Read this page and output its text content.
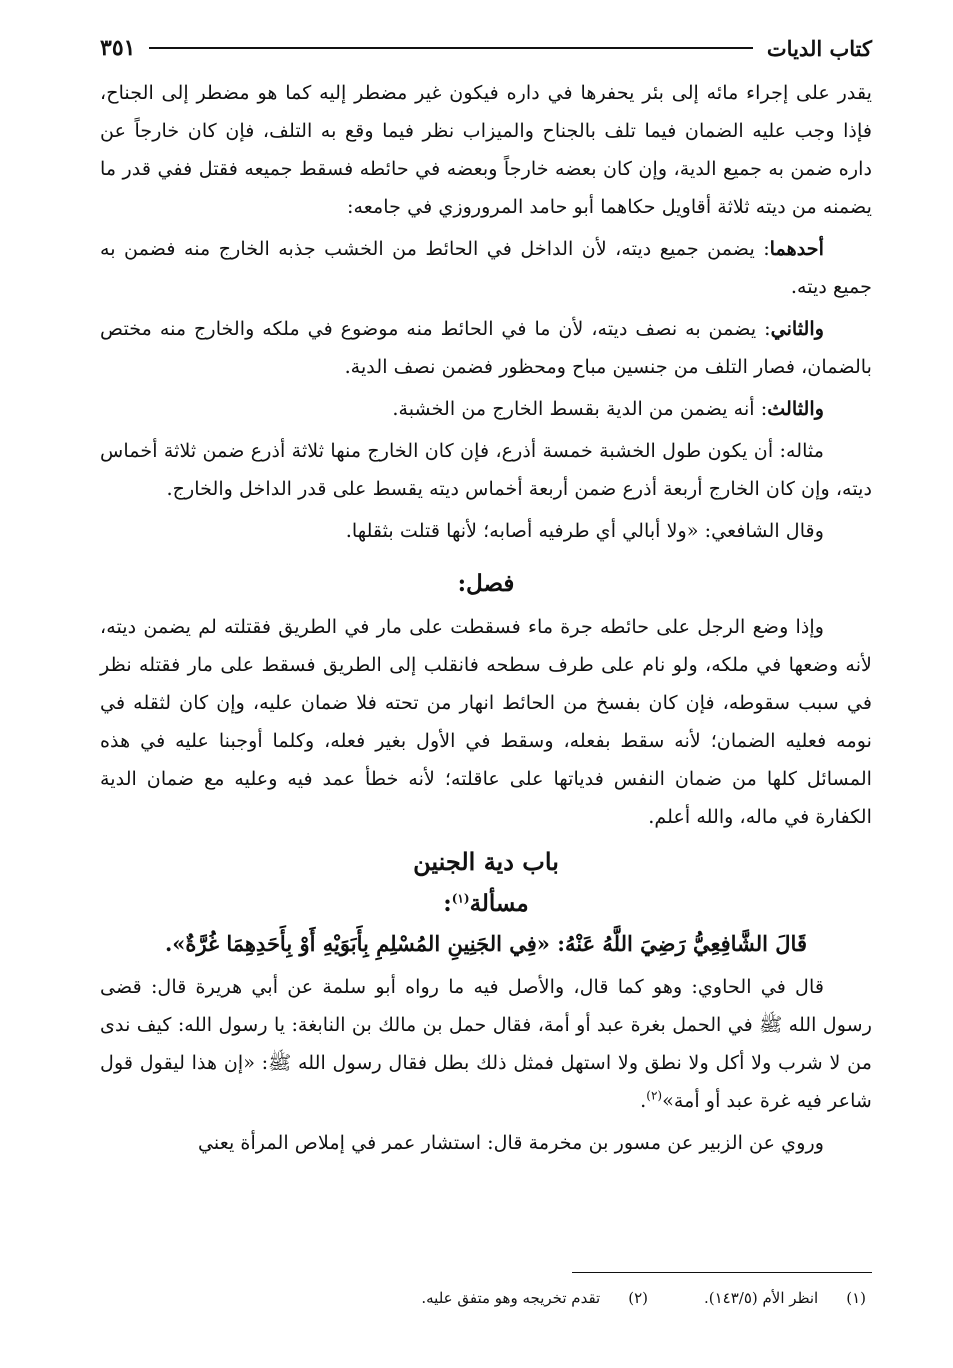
كتاب الديات
٣٥١

يقدر على إجراء مائه إلى بئر يحفرها في داره فيكون غير مضطر إليه كما هو مضطر إلى الجناح، فإذا وجب عليه الضمان فيما تلف بالجناح والميزاب نظر فيما وقع به التلف، فإن كان خارجاً عن داره ضمن به جميع الدية، وإن كان بعضه خارجاً وبعضه في حائطه فسقط جميعه فقتل ففي قدر ما يضمنه من ديته ثلاثة أقاويل حكاهما أبو حامد المروروزي في جامعه:

أحدهما: يضمن جميع ديته، لأن الداخل في الحائط من الخشب جذبه الخارج منه فضمن به جميع ديته.

والثاني: يضمن به نصف ديته، لأن ما في الحائط منه موضوع في ملكه والخارج منه مختص بالضمان، فصار التلف من جنسين مباح ومحظور فضمن نصف الدية.

والثالث: أنه يضمن من الدية بقسط الخارج من الخشبة.

مثاله: أن يكون طول الخشبة خمسة أذرع، فإن كان الخارج منها ثلاثة أذرع ضمن ثلاثة أخماس ديته، وإن كان الخارج أربعة أذرع ضمن أربعة أخماس ديته يقسط على قدر الداخل والخارج.

وقال الشافعي: «ولا أبالي أي طرفيه أصابه؛ لأنها قتلت بثقلها.

فصل:

وإذا وضع الرجل على حائطه جرة ماء فسقطت على مار في الطريق فقتلته لم يضمن ديته، لأنه وضعها في ملكه، ولو نام على طرف سطحه فانقلب إلى الطريق فسقط على مار فقتله نظر في سبب سقوطه، فإن كان بفسخ من الحائط انهار من تحته فلا ضمان عليه، وإن كان لثقله في نومه فعليه الضمان؛ لأنه سقط بفعله، وسقط في الأول بغير فعله، وكلما أوجبنا عليه في هذه المسائل كلها من ضمان النفس فدياتها على عاقلته؛ لأنه خطأ عمد فيه وعليه مع ضمان الدية الكفارة في ماله، والله أعلم.

باب دية الجنين
مسألة$^{(١)}$:

قَالَ الشَّافِعِيُّ رَضِيَ اللَّهُ عَنْهُ: «فِي الجَنِينِ المُسْلِمِ بِأَبَوَيْهِ أَوْ بِأَحَدِهِمَا غُرَّةٌ».

قال في الحاوي: وهو كما قال، والأصل فيه ما رواه أبو سلمة عن أبي هريرة قال: قضى رسول الله ﷺ في الحمل بغرة عبد أو أمة، فقال حمل بن مالك بن النابغة: يا رسول الله: كيف ندى من لا شرب ولا أكل ولا نطق ولا استهل فمثل ذلك بطل فقال رسول الله ﷺ: «إن هذا ليقول قول شاعر فيه غرة عبد أو أمة»$^{(٢)}$.

وروي عن الزبير عن مسور بن مخرمة قال: استشار عمر في إملاص المرأة يعني

(١)انظر الأم (١٤٣/٥).
(٢)تقدم تخريجه وهو متفق عليه.
